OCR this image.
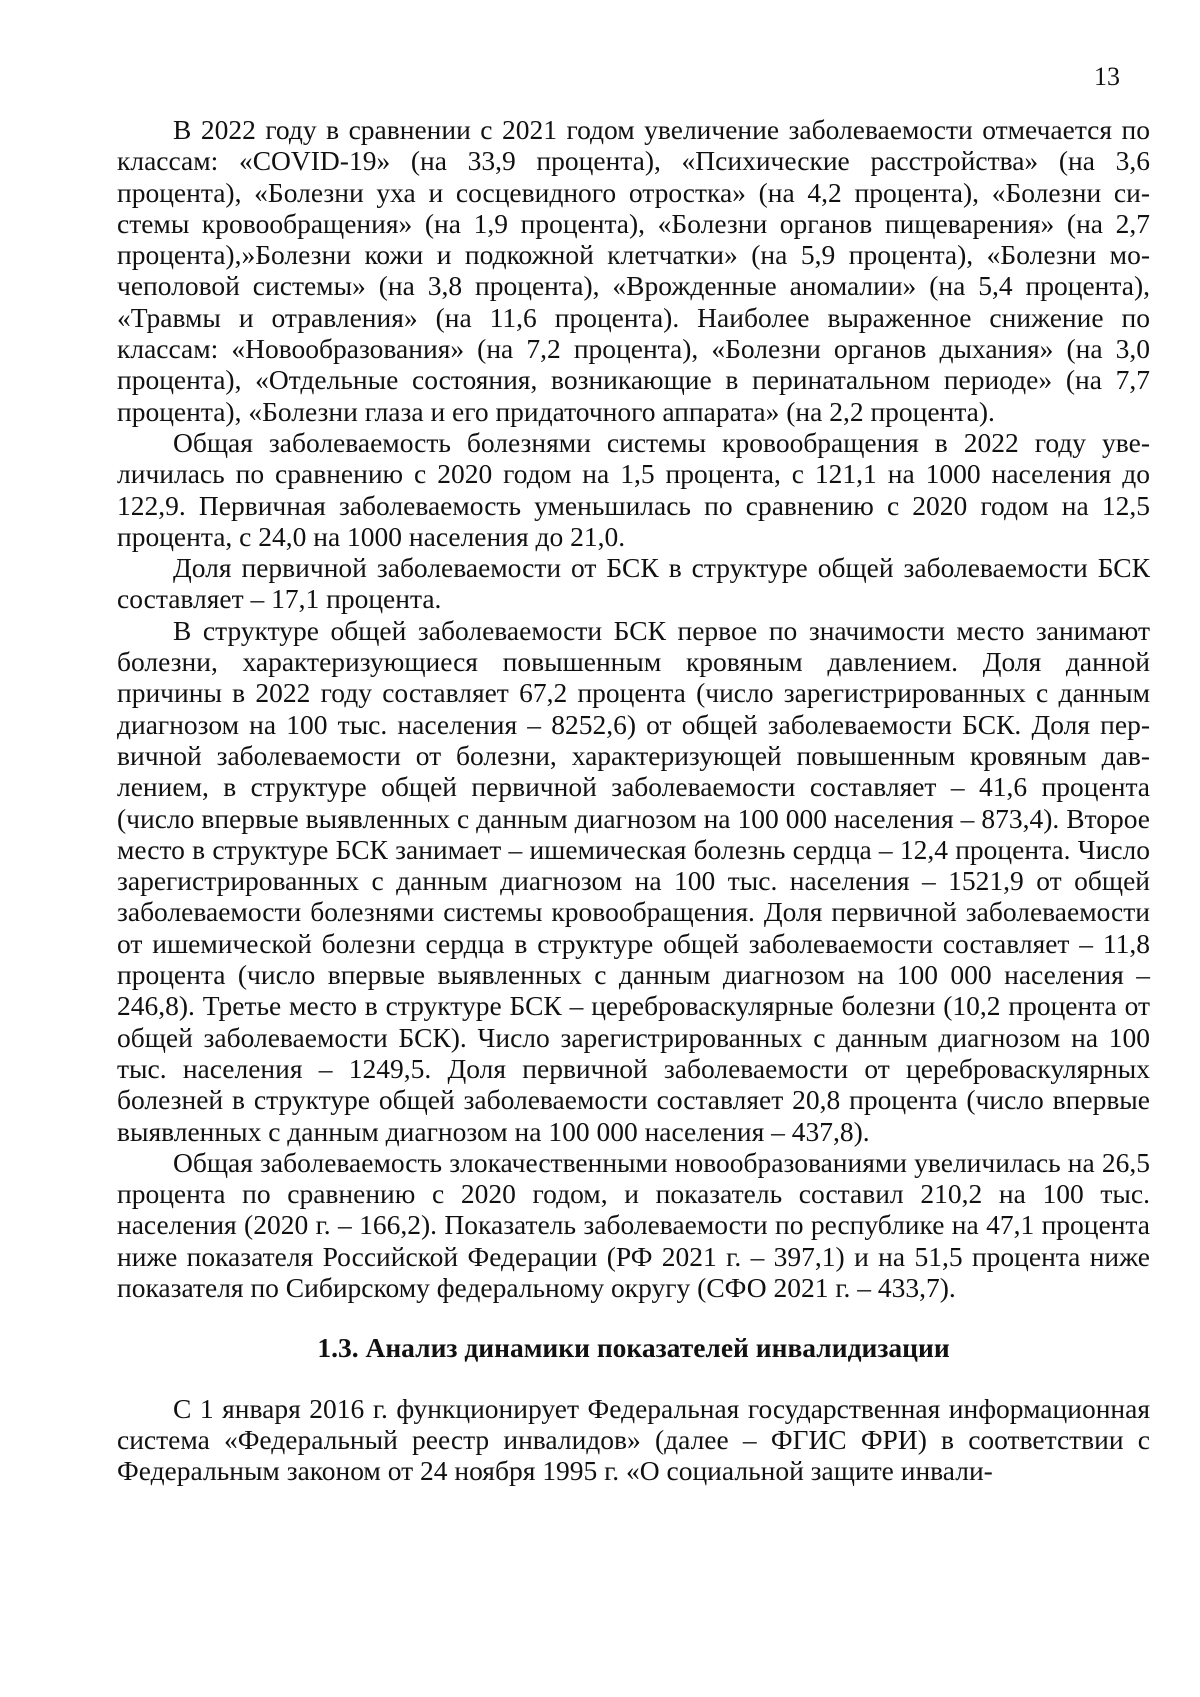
13

В 2022 году в сравнении с 2021 годом увеличение заболеваемости отмечается по классам: «COVID-19» (на 33,9 процента), «Психические расстройства» (на 3,6 процента), «Болезни уха и сосцевидного отростка» (на 4,2 процента), «Болезни системы кровообращения» (на 1,9 процента), «Болезни органов пищеварения» (на 2,7 процента),»Болезни кожи и подкожной клетчатки» (на 5,9 процента), «Болезни мочеполовой системы» (на 3,8 процента), «Врожденные аномалии» (на 5,4 процента), «Травмы и отравления» (на 11,6 процента). Наиболее выраженное снижение по классам: «Новообразования» (на 7,2 процента), «Болезни органов дыхания» (на 3,0 процента), «Отдельные состояния, возникающие в перинатальном периоде» (на 7,7 процента), «Болезни глаза и его придаточного аппарата» (на 2,2 процента).

Общая заболеваемость болезнями системы кровообращения в 2022 году увеличилась по сравнению с 2020 годом на 1,5 процента, с 121,1 на 1000 населения до 122,9. Первичная заболеваемость уменьшилась по сравнению с 2020 годом на 12,5 процента, с 24,0 на 1000 населения до 21,0.

Доля первичной заболеваемости от БСК в структуре общей заболеваемости БСК составляет – 17,1 процента.

В структуре общей заболеваемости БСК первое по значимости место занимают болезни, характеризующиеся повышенным кровяным давлением. Доля данной причины в 2022 году составляет 67,2 процента (число зарегистрированных с данным диагнозом на 100 тыс. населения – 8252,6) от общей заболеваемости БСК. Доля первичной заболеваемости от болезни, характеризующей повышенным кровяным давлением, в структуре общей первичной заболеваемости составляет – 41,6 процента (число впервые выявленных с данным диагнозом на 100 000 населения – 873,4). Второе место в структуре БСК занимает – ишемическая болезнь сердца – 12,4 процента. Число зарегистрированных с данным диагнозом на 100 тыс. населения – 1521,9 от общей заболеваемости болезнями системы кровообращения. Доля первичной заболеваемости от ишемической болезни сердца в структуре общей заболеваемости составляет – 11,8 процента (число впервые выявленных с данным диагнозом на 100 000 населения – 246,8). Третье место в структуре БСК – цереброваскулярные болезни (10,2 процента от общей заболеваемости БСК). Число зарегистрированных с данным диагнозом на 100 тыс. населения – 1249,5. Доля первичной заболеваемости от цереброваскулярных болезней в структуре общей заболеваемости составляет 20,8 процента (число впервые выявленных с данным диагнозом на 100 000 населения – 437,8).

Общая заболеваемость злокачественными новообразованиями увеличилась на 26,5 процента по сравнению с 2020 годом, и показатель составил 210,2 на 100 тыс. населения (2020 г. – 166,2). Показатель заболеваемости по республике на 47,1 процента ниже показателя Российской Федерации (РФ 2021 г. – 397,1) и на 51,5 процента ниже показателя по Сибирскому федеральному округу (СФО 2021 г. – 433,7).

1.3. Анализ динамики показателей инвалидизации

С 1 января 2016 г. функционирует Федеральная государственная информационная система «Федеральный реестр инвалидов» (далее – ФГИС ФРИ) в соответствии с Федеральным законом от 24 ноября 1995 г. «О социальной защите инвали-
